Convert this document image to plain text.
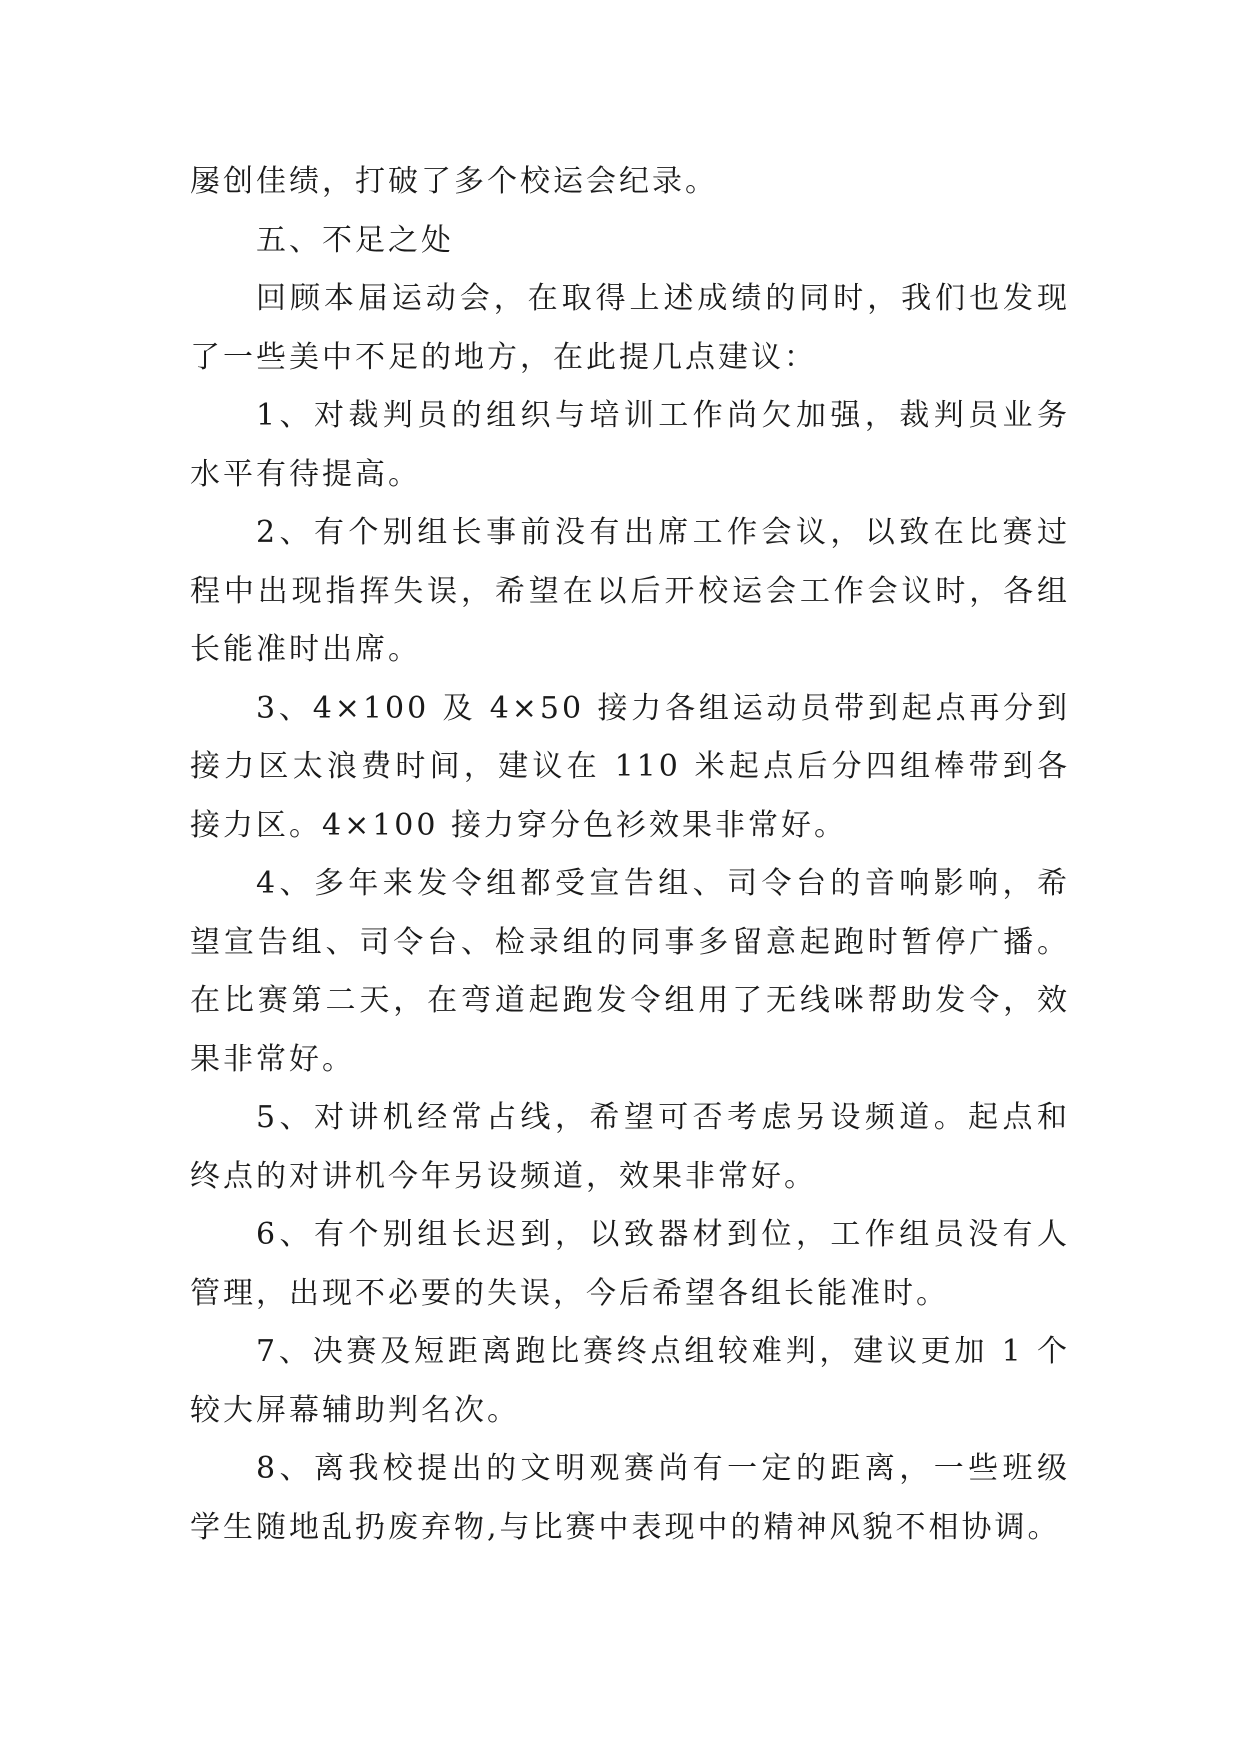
屡创佳绩，打破了多个校运会纪录。

五、不足之处

回顾本届运动会，在取得上述成绩的同时，我们也发现了一些美中不足的地方，在此提几点建议：

1、对裁判员的组织与培训工作尚欠加强，裁判员业务水平有待提高。

2、有个别组长事前没有出席工作会议，以致在比赛过程中出现指挥失误，希望在以后开校运会工作会议时，各组长能准时出席。

3、4×100 及 4×50 接力各组运动员带到起点再分到接力区太浪费时间，建议在 110 米起点后分四组棒带到各接力区。4×100 接力穿分色衫效果非常好。

4、多年来发令组都受宣告组、司令台的音响影响，希望宣告组、司令台、检录组的同事多留意起跑时暂停广播。在比赛第二天，在弯道起跑发令组用了无线咪帮助发令，效果非常好。

5、对讲机经常占线，希望可否考虑另设频道。起点和终点的对讲机今年另设频道，效果非常好。

6、有个别组长迟到，以致器材到位，工作组员没有人管理，出现不必要的失误，今后希望各组长能准时。

7、决赛及短距离跑比赛终点组较难判，建议更加 1 个较大屏幕辅助判名次。

8、离我校提出的文明观赛尚有一定的距离，一些班级学生随地乱扔废弃物,与比赛中表现中的精神风貌不相协调。
